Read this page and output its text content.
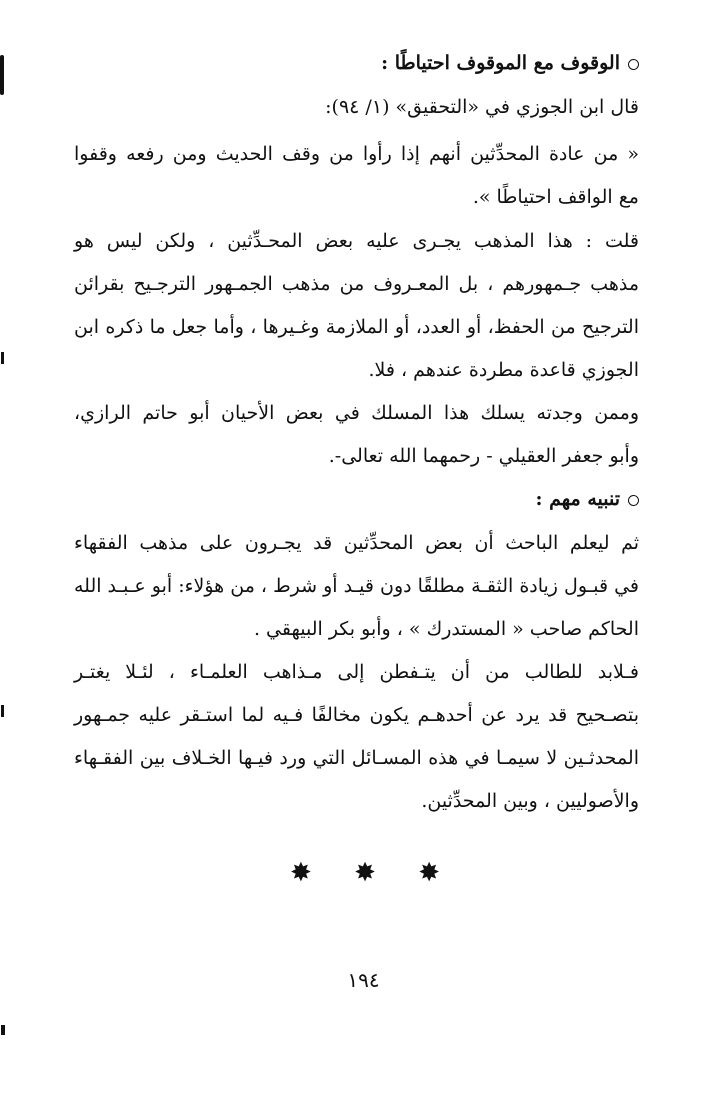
الوقوف مع الموقوف احتياطًا :
قال ابن الجوزي في «التحقيق» (١/ ٩٤):
« من عادة المحدِّثين أنهم إذا رأوا من وقف الحديث ومن رفعه وقفوا
مع الواقف احتياطًا ».
قلت : هذا المذهب يجـرى عليه بعض المحـدِّثين ، ولكن ليس هو
مذهب جـمهورهم ، بل المعـروف من مذهب الجمـهور الترجـيح بقرائن
الترجيح من الحفظ، أو العدد، أو الملازمة وغـيرها ، وأما جعل ما ذكره ابن
الجوزي قاعدة مطردة عندهم ، فلا.
وممن وجدته يسلك هذا المسلك في بعض الأحيان أبو حاتم الرازي،
وأبو جعفر العقيلي - رحمهما الله تعالى-.
تنبيه مهم :
ثم ليعلم الباحث أن بعض المحدِّثين قد يجـرون على مذهب الفقهاء
في قبـول زيادة الثقـة مطلقًا دون قيـد أو شرط ، من هؤلاء: أبو عـبـد الله
الحاكم صاحب « المستدرك » ، وأبو بكر البيهقي .
فـلابد للطالب من أن يتـفطن إلى مـذاهب العلمـاء ، لئـلا يغتـر
بتصـحيح قد يرد عن أحدهـم يكون مخالفًا فـيه لما استـقر عليه جمـهور
المحدثـين لا سيمـا في هذه المسـائل التي ورد فيـها الخـلاف بين الفقـهاء
والأصوليين ، وبين المحدِّثين.
✸ ✸ ✸
١٩٤
